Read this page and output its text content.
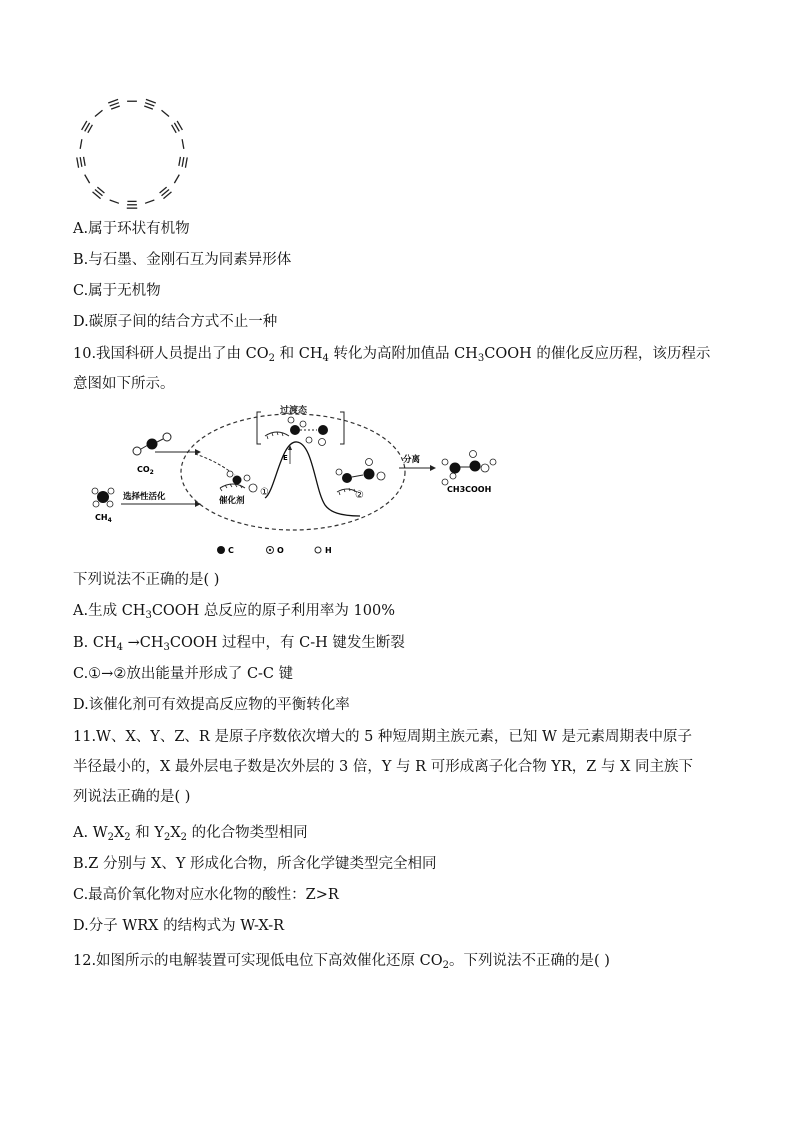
A.属于环状有机物
B.与石墨、金刚石互为同素异形体
C.属于无机物
D.碳原子间的结合方式不止一种
10.我国科研人员提出了由 $CO_2$ 和 $CH_4$ 转化为高附加值品 $CH_3COOH$ 的催化反应历程，该历程示
意图如下所示。
过渡态
$CO_2$
$CH_4$
选择性活化	①
催化剂
E
②
分离
CH3COOH
C	O	H
下列说法不正确的是( )
A.生成 $CH_3COOH$ 总反应的原子利用率为 100%
B. $CH_4$ $\to CH_3COOH$ 过程中，有 C-H 键发生断裂
C.①→②放出能量并形成了 C-C 键
D.该催化剂可有效提高反应物的平衡转化率
11.W、X、Y、Z、R 是原子序数依次增大的 5 种短周期主族元素，已知 W 是元素周期表中原子
半径最小的，X 最外层电子数是次外层的 3 倍，Y 与 R 可形成离子化合物 YR，Z 与 X 同主族下
列说法正确的是( )
A. $W_2X_2$ 和 $Y_2X_2$ 的化合物类型相同
B.Z 分别与 X、Y 形成化合物，所含化学键类型完全相同
C.最高价氧化物对应水化物的酸性：Z>R
D.分子 WRX 的结构式为 W-X-R
12.如图所示的电解装置可实现低电位下高效催化还原 $CO_2$。下列说法不正确的是( )
